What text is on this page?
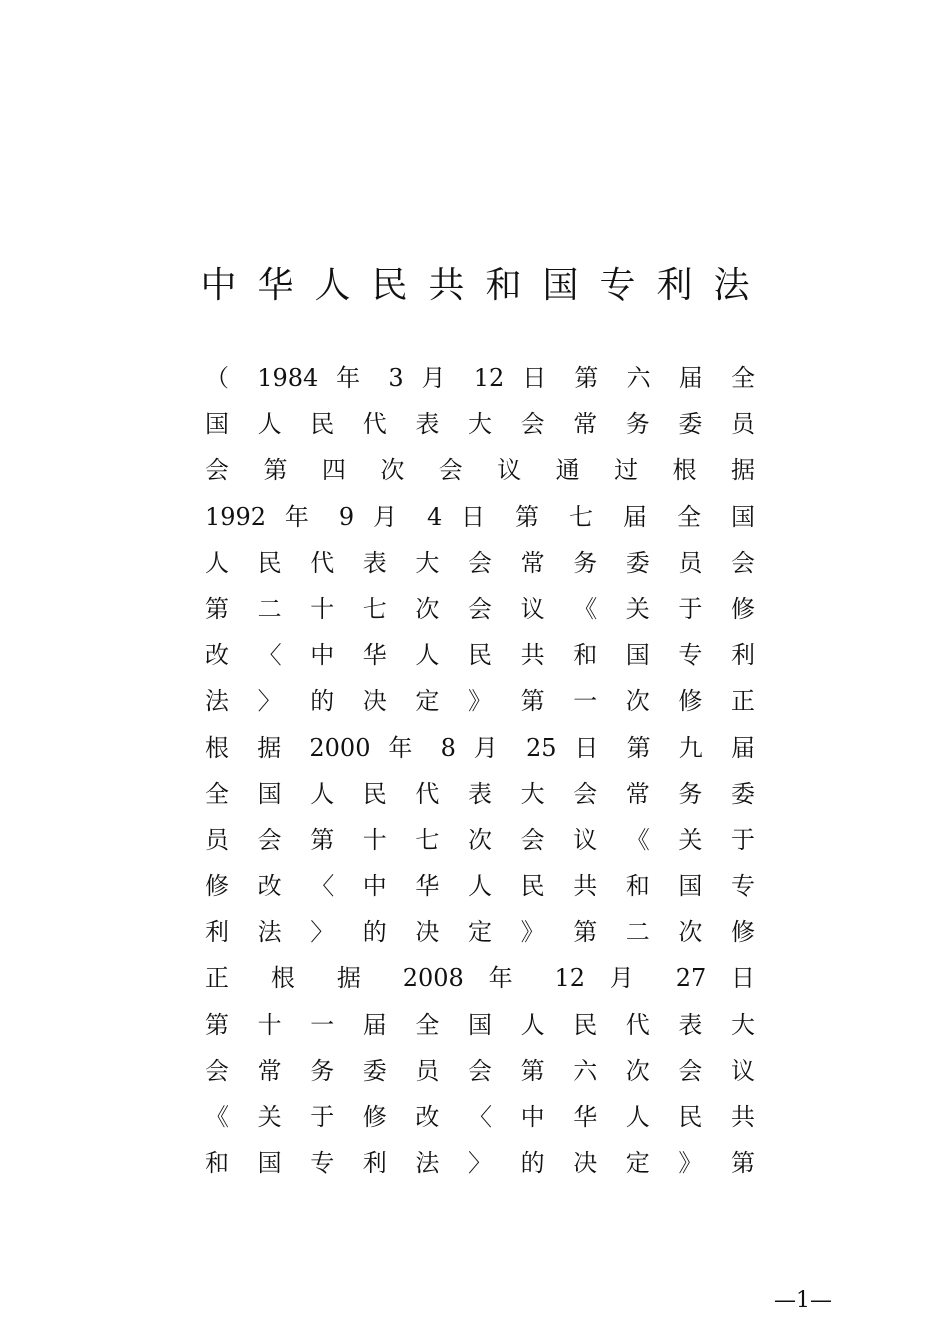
中华人民共和国专利法
（ 1984 年 3 月 12 日 第 六 届 全
国 人 民 代 表 大 会 常 务 委 员
会 第 四 次 会 议 通 过 根 据
1992 年 9 月 4 日 第 七 届 全 国
人 民 代 表 大 会 常 务 委 员 会
第 二 十 七 次 会 议 《 关 于 修
改 〈 中 华 人 民 共 和 国 专 利
法 〉 的 决 定 》 第 一 次 修 正
根 据 2000 年 8 月 25 日 第 九 届
全 国 人 民 代 表 大 会 常 务 委
员 会 第 十 七 次 会 议 《 关 于
修 改 〈 中 华 人 民 共 和 国 专
利 法 〉 的 决 定 》 第 二 次 修
正 根 据 2008 年 12 月 27 日
第 十 一 届 全 国 人 民 代 表 大
会 常 务 委 员 会 第 六 次 会 议
《 关 于 修 改 〈 中 华 人 民 共
和 国 专 利 法 〉 的 决 定 》 第
—1—
